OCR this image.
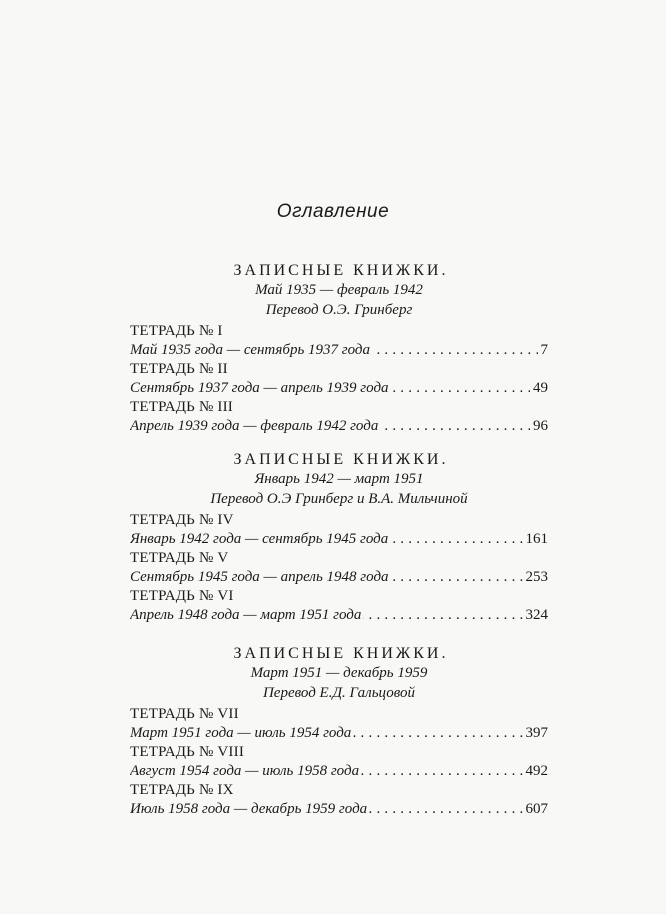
Оглавление
ЗАПИСНЫЕ КНИЖКИ.
Май 1935 — февраль 1942
Перевод О.Э. Гринберг
ТЕТРАДЬ № I
Май 1935 года — сентябрь 1937 года	7
ТЕТРАДЬ № II
Сентябрь 1937 года — апрель 1939 года	49
ТЕТРАДЬ № III
Апрель 1939 года — февраль 1942 года	96
ЗАПИСНЫЕ КНИЖКИ.
Январь 1942 — март 1951
Перевод О.Э Гринберг и В.А. Мильчиной
ТЕТРАДЬ № IV
Январь 1942 года — сентябрь 1945 года	161
ТЕТРАДЬ № V
Сентябрь 1945 года — апрель 1948 года	253
ТЕТРАДЬ № VI
Апрель 1948 года — март 1951 года	324
ЗАПИСНЫЕ КНИЖКИ.
Март 1951 — декабрь 1959
Перевод Е.Д. Гальцовой
ТЕТРАДЬ № VII
Март 1951 года — июль 1954 года	397
ТЕТРАДЬ № VIII
Август 1954 года — июль 1958 года	492
ТЕТРАДЬ № IX
Июль 1958 года — декабрь 1959 года	607
